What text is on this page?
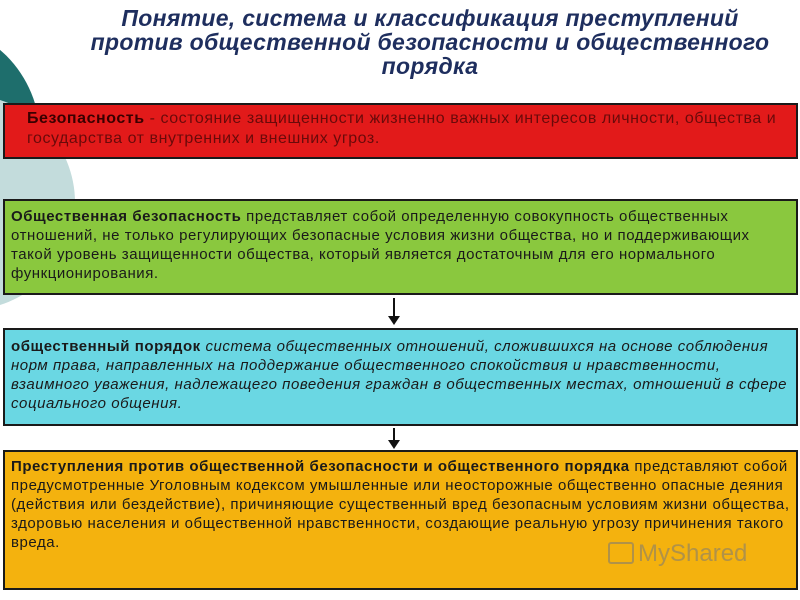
Понятие, система и классификация преступлений против общественной безопасности и общественного порядка
Безопасность - состояние защищенности жизненно важных интересов личности, общества и государства от внутренних и внешних угроз.
Общественная безопасность представляет собой определенную совокупность общественных отношений, не только регулирующих безопасные условия жизни общества, но и поддерживающих такой уровень защищенности общества, который является достаточным для его нормального функционирования.
общественный порядок система общественных отношений, сложившихся на основе соблюдения норм права, направленных на поддержание общественного спокойствия и нравственности, взаимного уважения, надлежащего поведения граждан в общественных местах, отношений в сфере социального общения.
Преступления против общественной безопасности и общественного порядка представляют собой предусмотренные Уголовным кодексом умышленные или неосторожные общественно опасные деяния (действия или бездействие), причиняющие существенный вред безопасным условиям жизни общества, здоровью населения и общественной нравственности, создающие реальную угрозу причинения такого вреда.	MyShared
